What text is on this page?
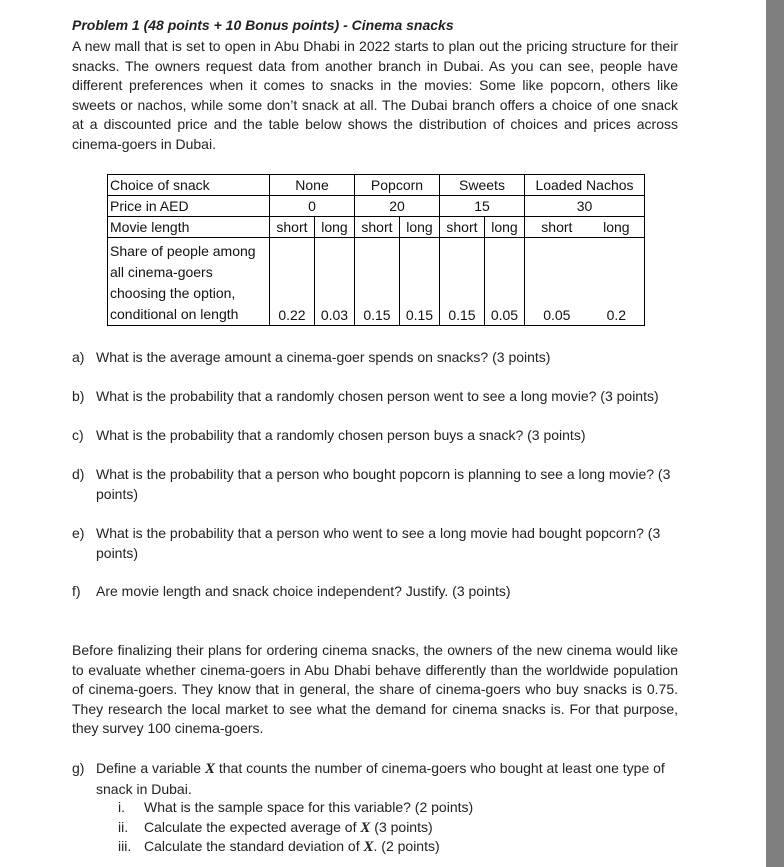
Problem 1 (48 points + 10 Bonus points) - Cinema snacks
A new mall that is set to open in Abu Dhabi in 2022 starts to plan out the pricing structure for their snacks. The owners request data from another branch in Dubai. As you can see, people have different preferences when it comes to snacks in the movies: Some like popcorn, others like sweets or nachos, while some don’t snack at all. The Dubai branch offers a choice of one snack at a discounted price and the table below shows the distribution of choices and prices across cinema-goers in Dubai.
Choice of snack	None		Popcorn		Sweets		Loaded Nachos	
Price in AED	0		20		15		30	
Movie length	short	long	short	long	short	long	short	long
Share of people among all cinema-goers choosing the option, conditional on length	0.22	0.03	0.15	0.15	0.15	0.05	0.05	0.2
a) What is the average amount a cinema-goer spends on snacks? (3 points)
b) What is the probability that a randomly chosen person went to see a long movie? (3 points)
c) What is the probability that a randomly chosen person buys a snack? (3 points)
d) What is the probability that a person who bought popcorn is planning to see a long movie? (3 points)
e) What is the probability that a person who went to see a long movie had bought popcorn? (3 points)
f) Are movie length and snack choice independent? Justify. (3 points)
Before finalizing their plans for ordering cinema snacks, the owners of the new cinema would like to evaluate whether cinema-goers in Abu Dhabi behave differently than the worldwide population of cinema-goers. They know that in general, the share of cinema-goers who buy snacks is 0.75. They research the local market to see what the demand for cinema snacks is. For that purpose, they survey 100 cinema-goers.
g) Define a variable X that counts the number of cinema-goers who bought at least one type of snack in Dubai.
i. What is the sample space for this variable? (2 points)
ii. Calculate the expected average of X (3 points)
iii. Calculate the standard deviation of X. (2 points)
